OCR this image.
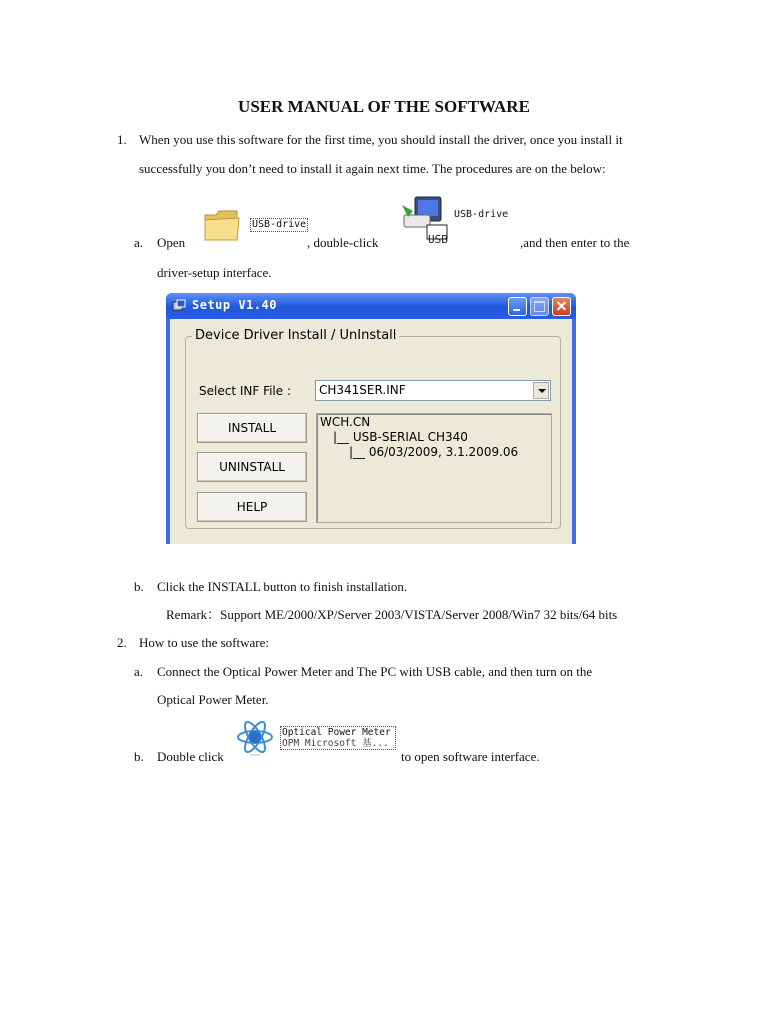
USER MANUAL OF THE SOFTWARE
1. When you use this software for the first time, you should install the driver, once you install it
successfully you don’t need to install it again next time. The procedures are on the below:
a. Open
USB-drive
, double-click	USB
USB-drive
,and then enter to the
driver-setup interface.
Setup V1.40
Device Driver Install / UnInstall
Select INF File : CH341SER.INF
INSTALL
UNINSTALL
HELP
WCH.CN
|__ USB-SERIAL CH340
|__ 06/03/2009, 3.1.2009.06
b. Click the INSTALL button to finish installation.
Remark：Support ME/2000/XP/Server 2003/VISTA/Server 2008/Win7 32 bits/64 bits
2. How to use the software:
a. Connect the Optical Power Meter and The PC with USB cable, and then turn on the
Optical Power Meter.
b. Double click
Optical Power Meter
OPM Microsoft 基...
to open software interface.
